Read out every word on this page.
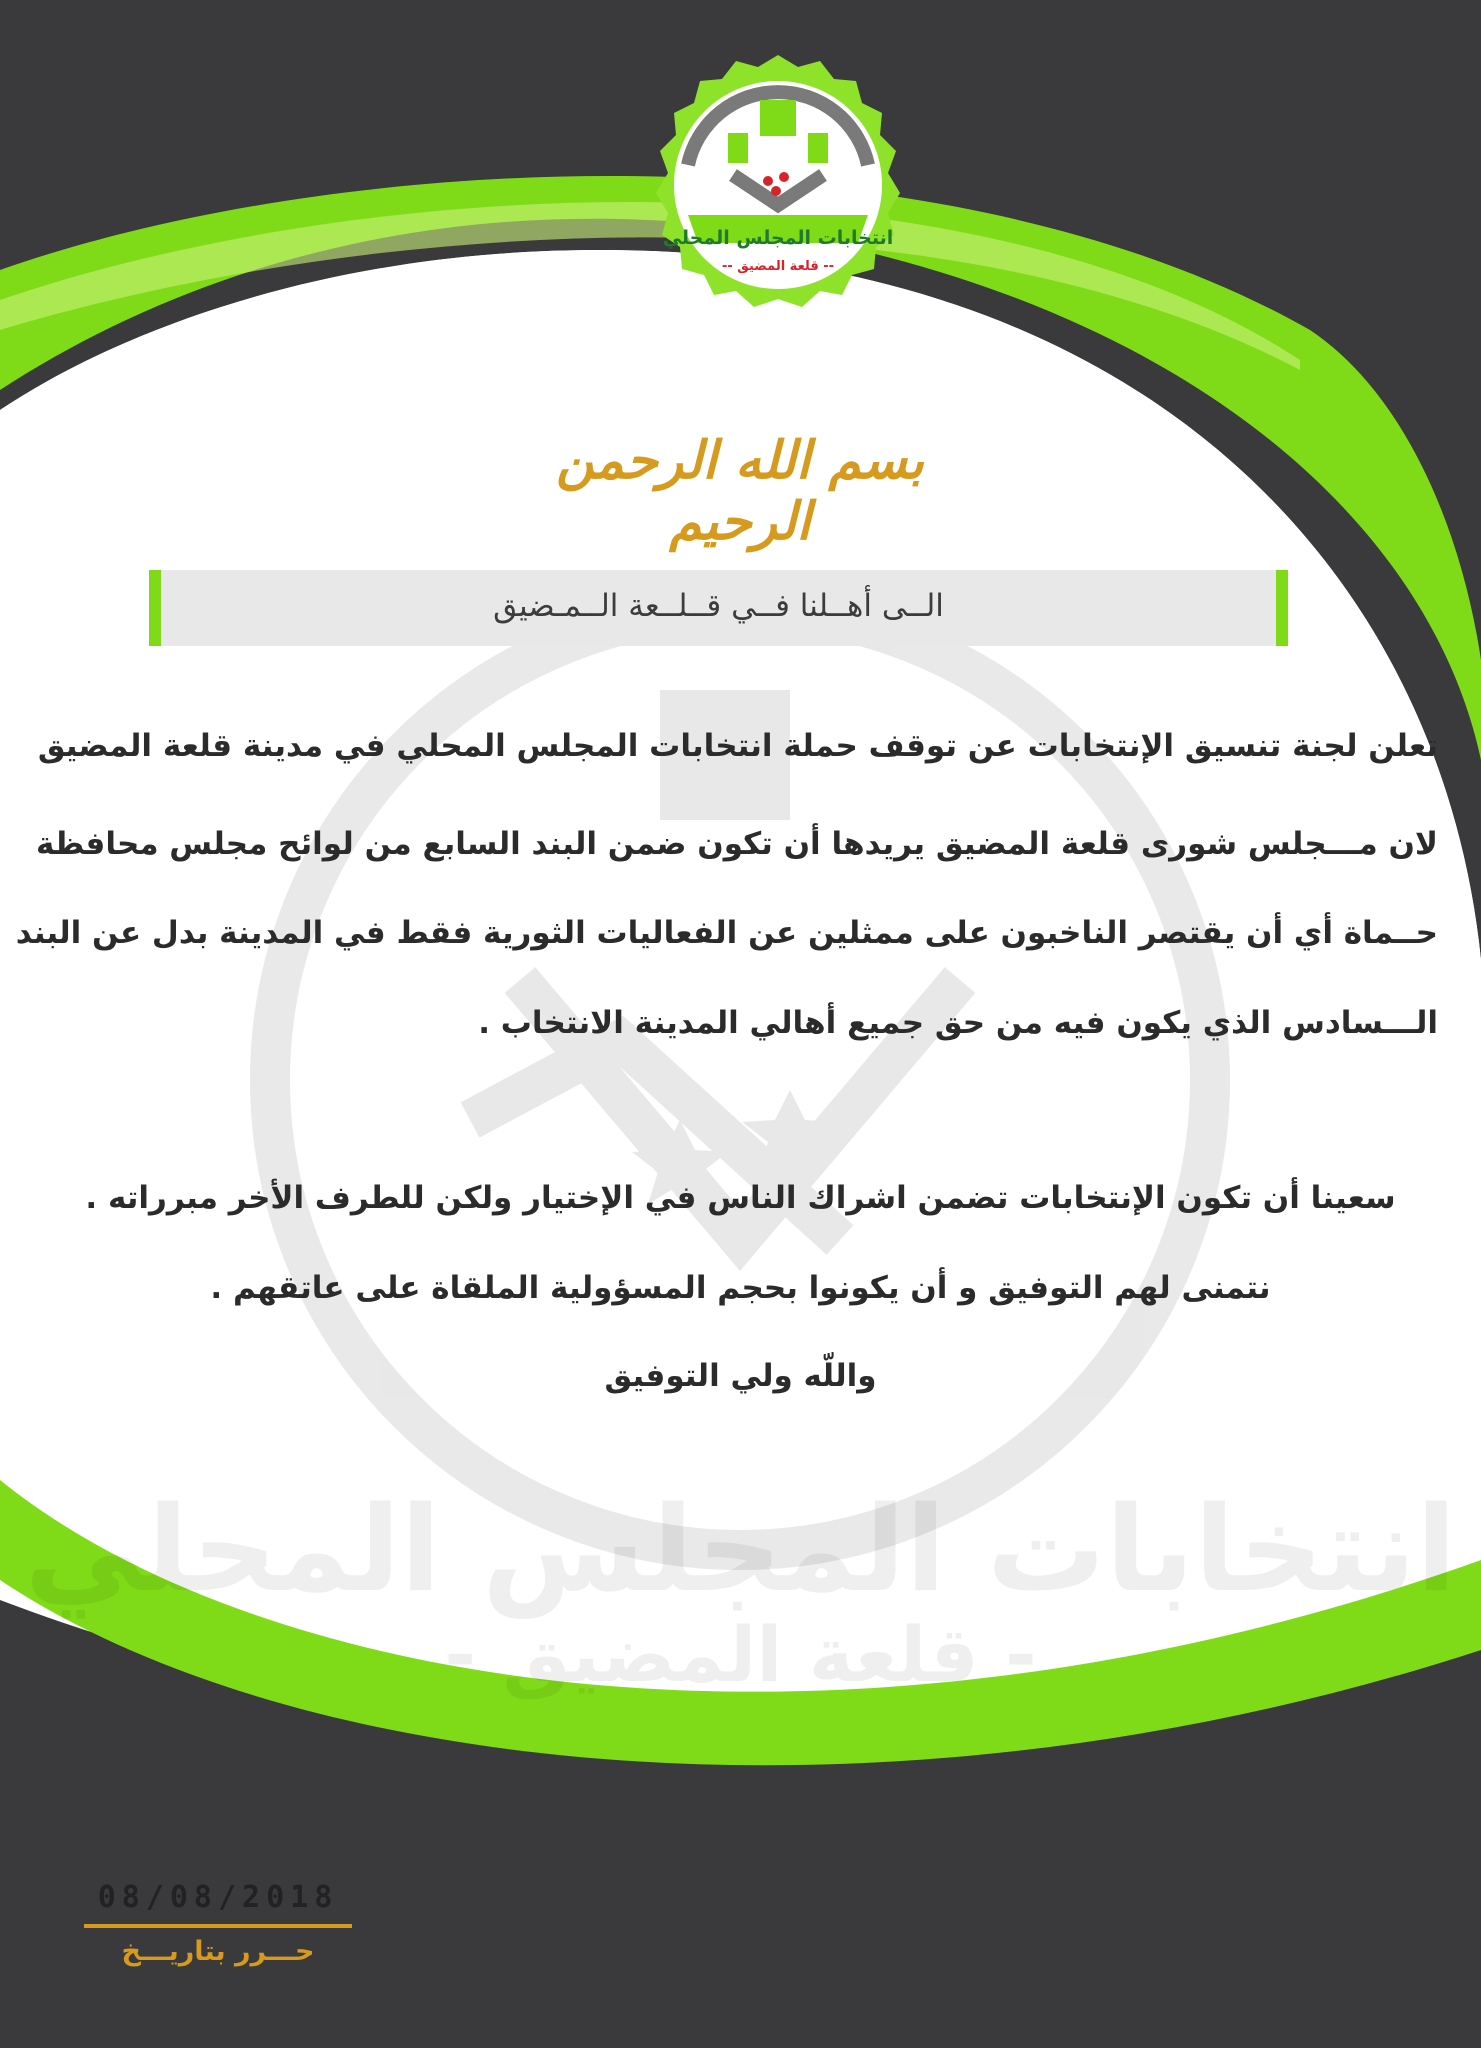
انتخابات المجلس المحلي
- قلعة المضيق -
انتخابات المجلس المحلي
-- قلعة المضيق --
بسم الله الرحمن الرحيم
الــى أهــلنا فــي قــلــعة الــمـضيق
تعلن لجنة تنسيق الإنتخابات عن توقف حملة انتخابات المجلس المحلي في مدينة قلعة المضيق
لان مـــجلس شورى قلعة المضيق يريدها أن تكون ضمن البند السابع من لوائح مجلس محافظة
حــماة أي أن يقتصر الناخبون على ممثلين عن الفعاليات الثورية فقط في المدينة بدل عن البند
الـــسادس الذي يكون فيه من حق جميع أهالي المدينة الانتخاب .
سعينا أن تكون الإنتخابات تضمن اشراك الناس في الإختيار ولكن للطرف الأخر مبرراته .
نتمنى لهم التوفيق و أن يكونوا بحجم المسؤولية الملقاة على عاتقهم .
واللّه ولي التوفيق
08/08/2018
حـــرر بتاريـــخ
